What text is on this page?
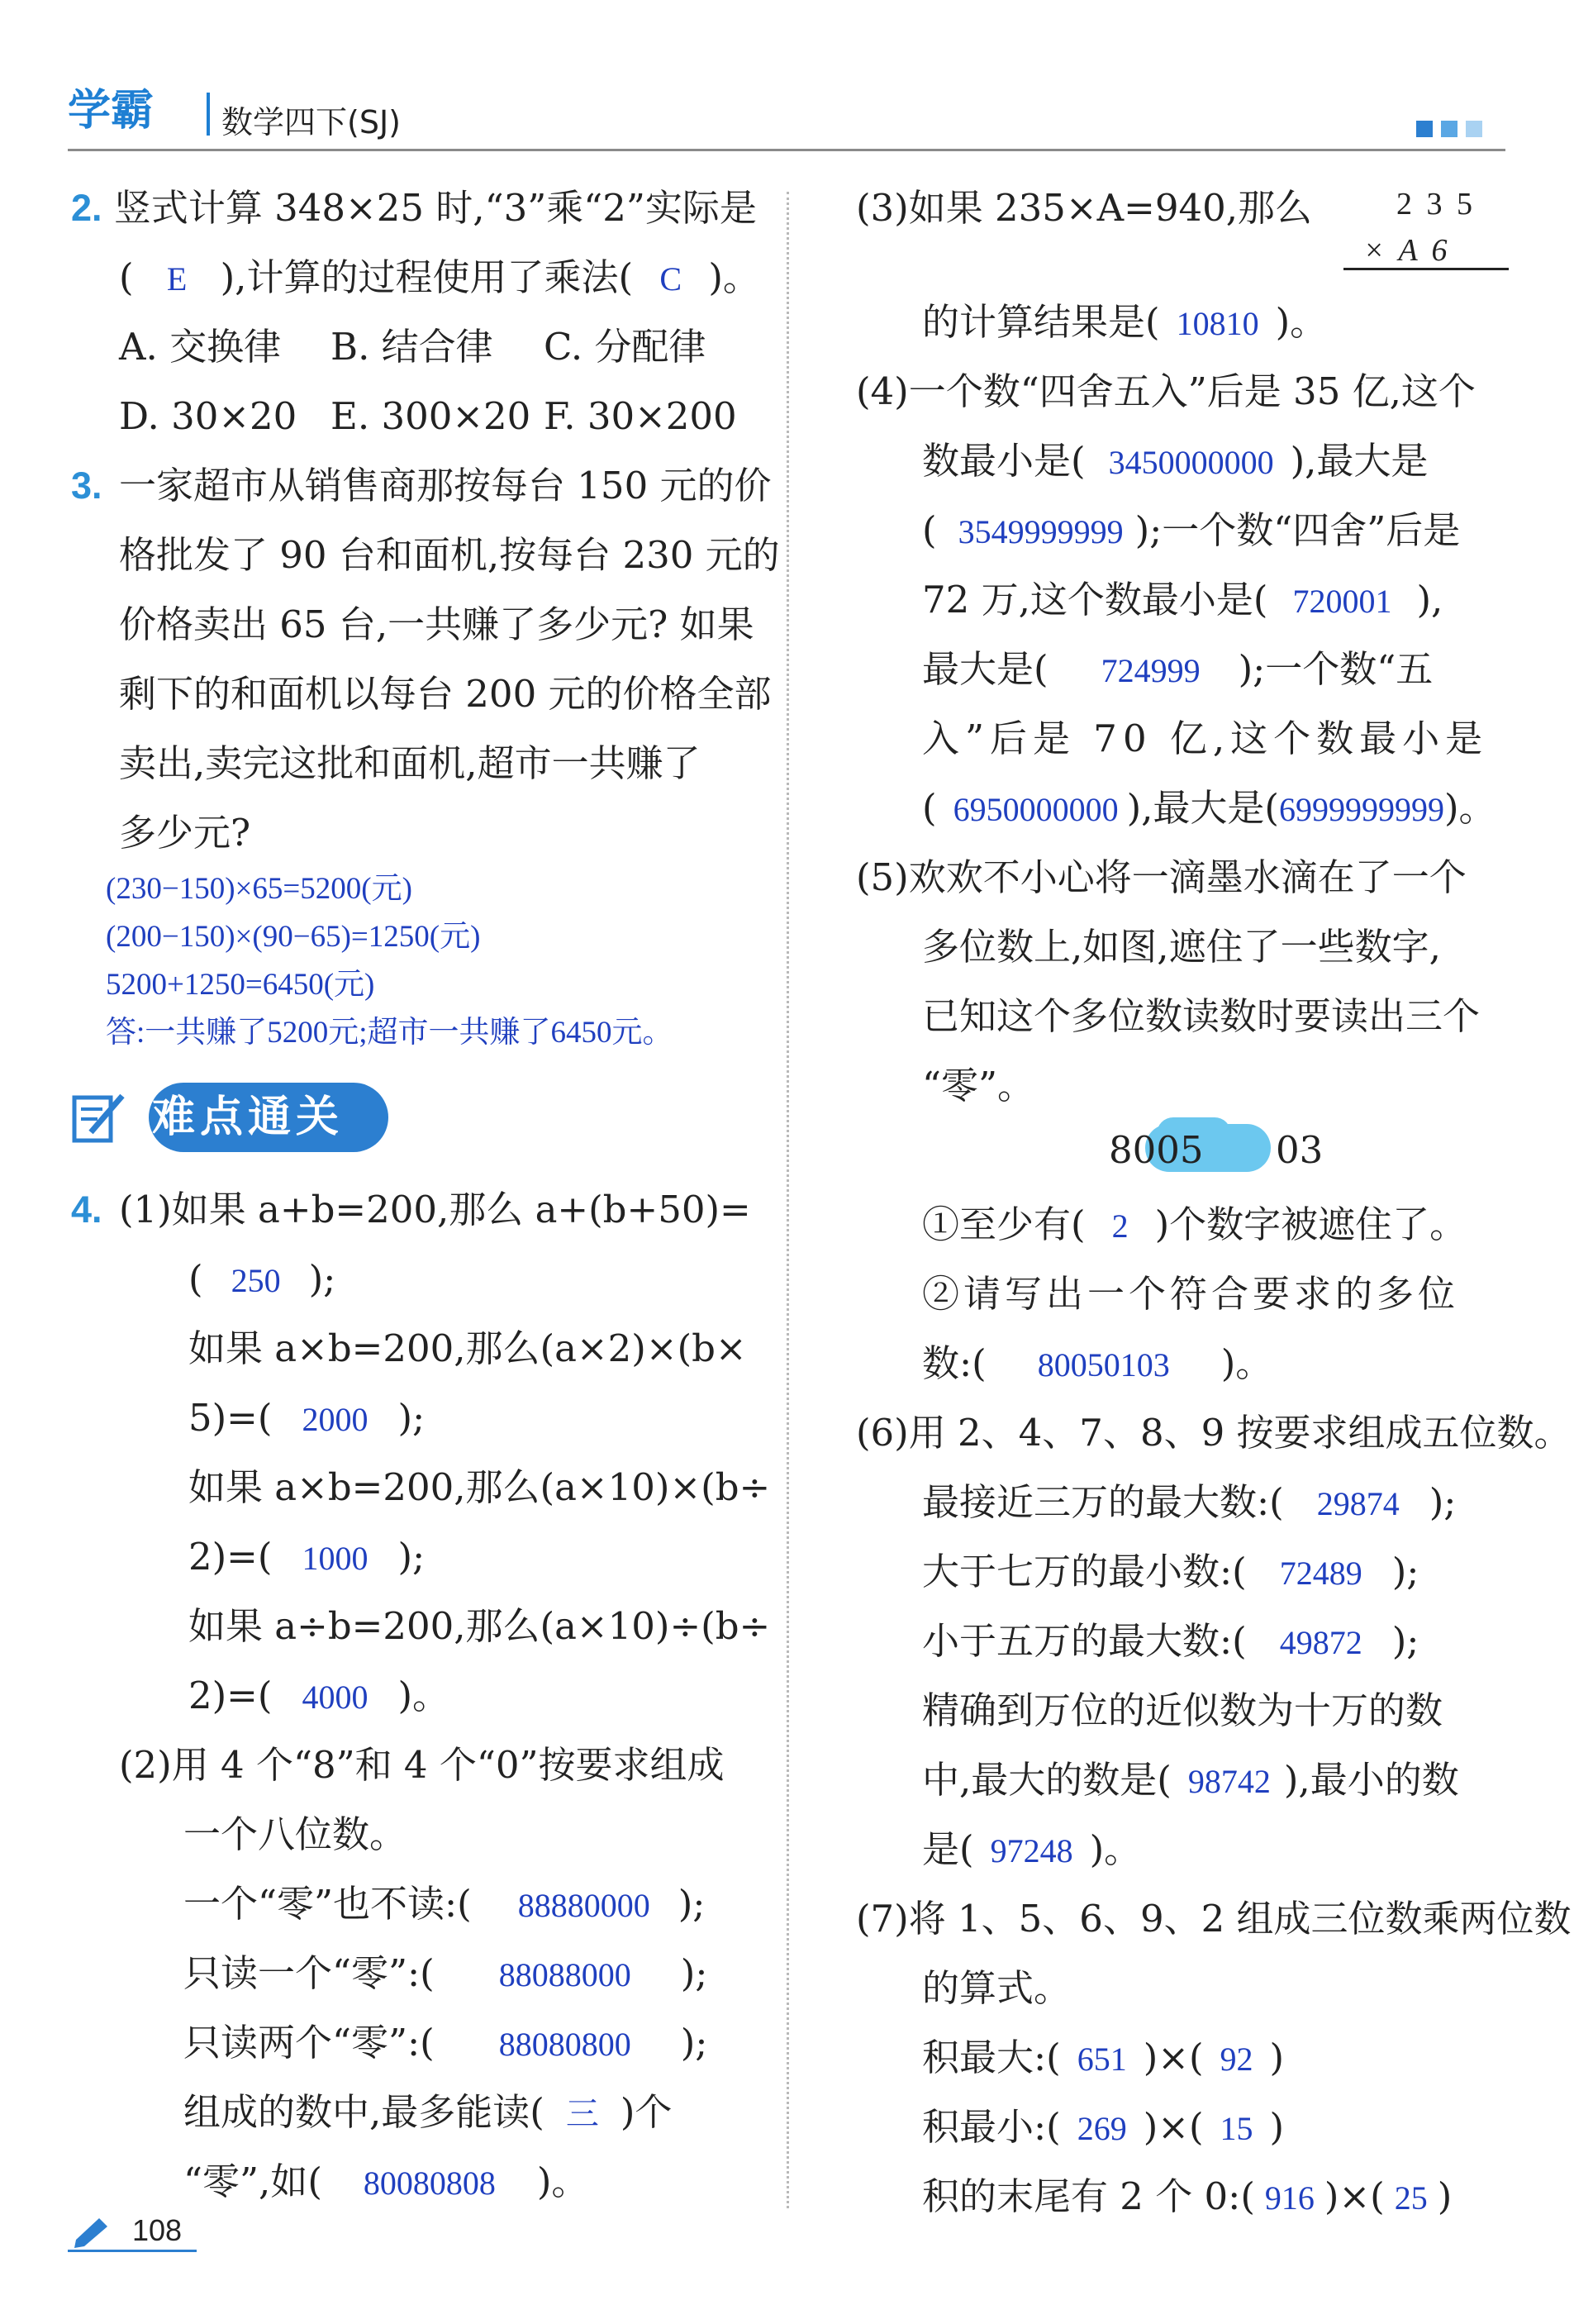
学霸 数学四下(SJ)
2. 竖式计算 348×25 时,“3”乘“2”实际是
( E ),计算的过程使用了乘法( C )。
A. 交换律 B. 结合律 C. 分配律
D. 30×20 E. 300×20 F. 30×200
3. 一家超市从销售商那按每台 150 元的价
格批发了 90 台和面机,按每台 230 元的
价格卖出 65 台,一共赚了多少元? 如果
剩下的和面机以每台 200 元的价格全部
卖出,卖完这批和面机,超市一共赚了
多少元?
(230−150)×65=5200(元)
(200−150)×(90−65)=1250(元)
5200+1250=6450(元)
答:一共赚了5200元;超市一共赚了6450元。
难点通关
4. (1)如果 a+b=200,那么 a+(b+50)=
( 250 );
如果 a×b=200,那么(a×2)×(b×
5)=( 2000 );
如果 a×b=200,那么(a×10)×(b÷
2)=( 1000 );
如果 a÷b=200,那么(a×10)÷(b÷
2)=( 4000 )。
(2)用 4 个“8”和 4 个“0”按要求组成
一个八位数。
一个“零”也不读:( 88880000 );
只读一个“零”:( 88088000 );
只读两个“零”:( 88080800 );
组成的数中,最多能读( 三 )个
“零”,如( 80080808 )。
(3)如果 235×A=940,那么	2 3 5
× A 6
的计算结果是( 10810 )。
(4)一个数“四舍五入”后是 35 亿,这个
数最小是( 3450000000 ),最大是
( 3549999999 );一个数“四舍”后是
72 万,这个数最小是( 720001 ),
最大是( 724999 );一个数“五
入”后是 70 亿,这个数最小是
( 6950000000 ),最大是(6999999999)。
(5)欢欢不小心将一滴墨水滴在了一个
多位数上,如图,遮住了一些数字,
已知这个多位数读数时要读出三个
“零”。
8005 03
①至少有( 2 )个数字被遮住了。
②请写出一个符合要求的多位
数:( 80050103 )。
(6)用 2、4、7、8、9 按要求组成五位数。
最接近三万的最大数:( 29874 );
大于七万的最小数:( 72489 );
小于五万的最大数:( 49872 );
精确到万位的近似数为十万的数
中,最大的数是( 98742 ),最小的数
是( 97248 )。
(7)将 1、5、6、9、2 组成三位数乘两位数
的算式。
积最大:( 651 )×( 92 )
积最小:( 269 )×( 15 )
积的末尾有 2 个 0:( 916 )×( 25 )
108
